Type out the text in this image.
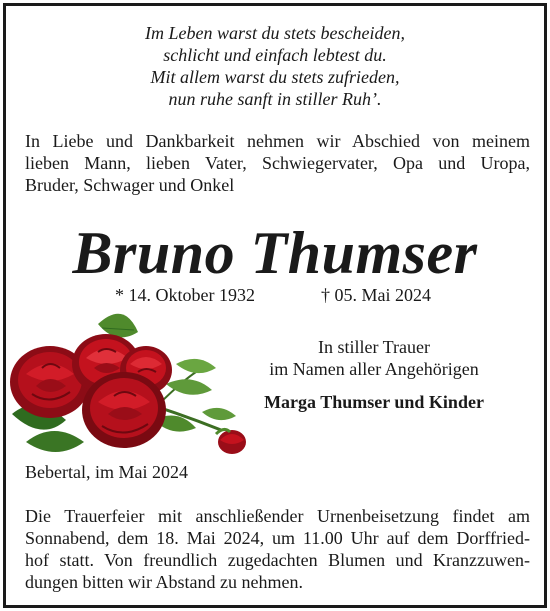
Im Leben warst du stets bescheiden,
schlicht und einfach lebtest du.
Mit allem warst du stets zufrieden,
nun ruhe sanft in stiller Ruh’.
In Liebe und Dankbarkeit nehmen wir Abschied von meinem
lieben Mann, lieben Vater, Schwiegervater, Opa und Uropa,
Bruder, Schwager und Onkel
Bruno Thumser
* 14. Oktober 1932	† 05. Mai 2024
In stiller Trauer
im Namen aller Angehörigen
Marga Thumser und Kinder
Bebertal, im Mai 2024
Die Trauerfeier mit anschließender Urnenbeisetzung findet am
Sonnabend, dem 18. Mai 2024, um 11.00 Uhr auf dem Dorffried-
hof statt. Von freundlich zugedachten Blumen und Kranzzuwen-
dungen bitten wir Abstand zu nehmen.
